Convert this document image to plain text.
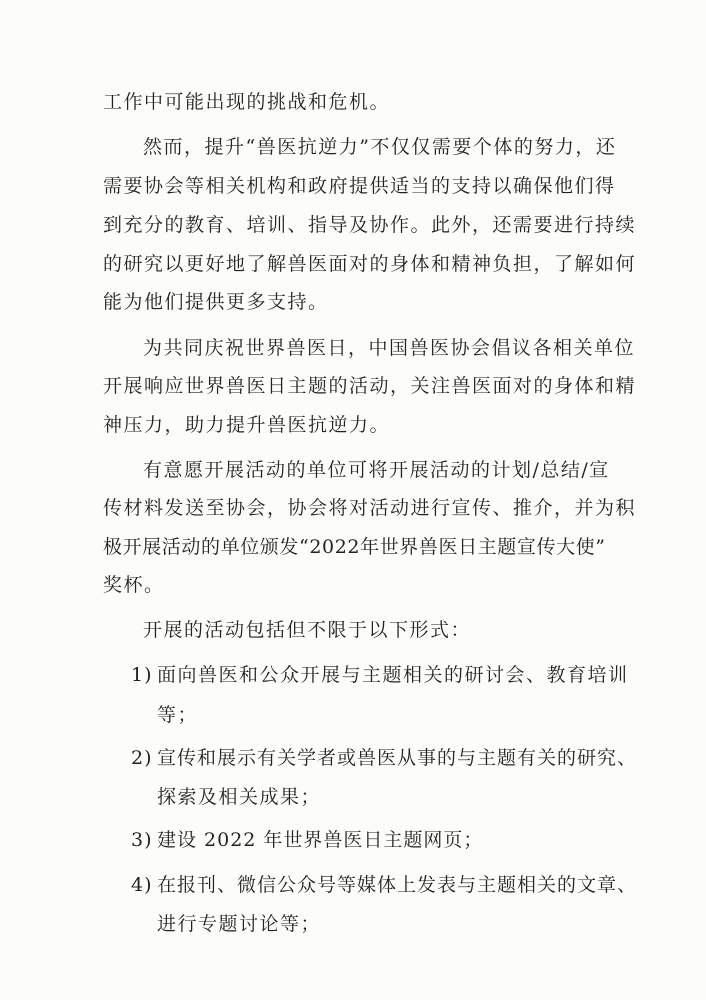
工作中可能出现的挑战和危机。
然而，提升“兽医抗逆力”不仅仅需要个体的努力，还
需要协会等相关机构和政府提供适当的支持以确保他们得
到充分的教育、培训、指导及协作。此外，还需要进行持续
的研究以更好地了解兽医面对的身体和精神负担，了解如何
能为他们提供更多支持。
为共同庆祝世界兽医日，中国兽医协会倡议各相关单位
开展响应世界兽医日主题的活动，关注兽医面对的身体和精
神压力，助力提升兽医抗逆力。
有意愿开展活动的单位可将开展活动的计划/总结/宣
传材料发送至协会，协会将对活动进行宣传、推介，并为积
极开展活动的单位颁发“2022年世界兽医日主题宣传大使”
奖杯。
开展的活动包括但不限于以下形式：
1) 面向兽医和公众开展与主题相关的研讨会、教育培训
等；
2) 宣传和展示有关学者或兽医从事的与主题有关的研究、
探索及相关成果；
3) 建设 2022 年世界兽医日主题网页；
4) 在报刊、微信公众号等媒体上发表与主题相关的文章、
进行专题讨论等；
